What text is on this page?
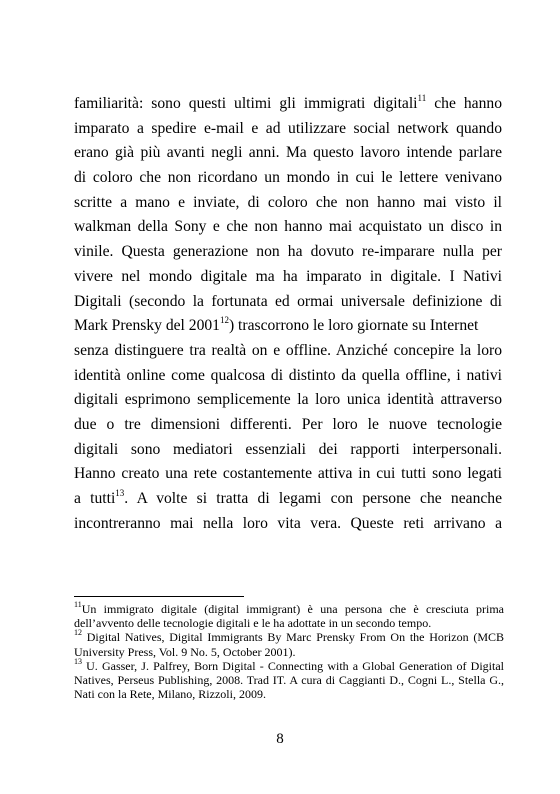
familiarità: sono questi ultimi gli immigrati digitali$^{11}$ che hanno
imparato a spedire e-mail e ad utilizzare social network quando
erano già più avanti negli anni. Ma questo lavoro intende parlare
di coloro che non ricordano un mondo in cui le lettere venivano
scritte a mano e inviate, di coloro che non hanno mai visto il
walkman della Sony e che non hanno mai acquistato un disco in
vinile. Questa generazione non ha dovuto re-imparare nulla per
vivere nel mondo digitale ma ha imparato in digitale. I Nativi
Digitali (secondo la fortunata ed ormai universale definizione di
Mark Prensky del 2001$^{12}$) trascorrono le loro giornate su Internet
senza distinguere tra realtà on e offline. Anziché concepire la loro
identità online come qualcosa di distinto da quella offline, i nativi
digitali esprimono semplicemente la loro unica identità attraverso
due o tre dimensioni differenti. Per loro le nuove tecnologie
digitali sono mediatori essenziali dei rapporti interpersonali.
Hanno creato una rete costantemente attiva in cui tutti sono legati
a tutti$^{13}$. A volte si tratta di legami con persone che neanche
incontreranno mai nella loro vita vera. Queste reti arrivano a

$^{11}$Un immigrato digitale (digital immigrant) è una persona che è cresciuta prima dell’avvento delle tecnologie digitali e le ha adottate in un secondo tempo.

$^{12}$ Digital Natives, Digital Immigrants By Marc Prensky From On the Horizon (MCB University Press, Vol. 9 No. 5, October 2001).

$^{13}$ U. Gasser, J. Palfrey, Born Digital - Connecting with a Global Generation of Digital Natives, Perseus Publishing, 2008. Trad IT. A cura di Caggianti D., Cogni L., Stella G., Nati con la Rete, Milano, Rizzoli, 2009.

8
